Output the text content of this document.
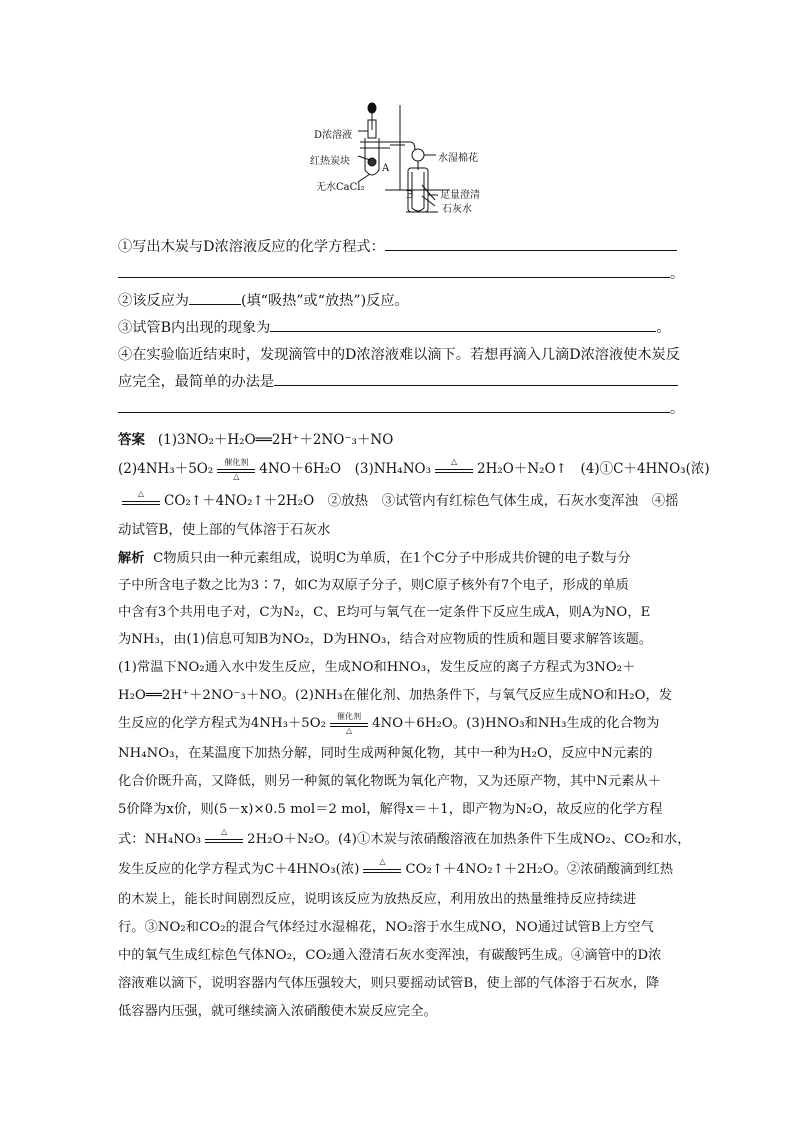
D浓溶液
红热炭块
A
无水CaCl₂
水湿棉花
B	足量澄清
石灰水
①写出木炭与D浓溶液反应的化学方程式：
。
②该反应为	(填“吸热”或“放热”)反应。
③试管B内出现的现象为	。
④在实验临近结束时，发现滴管中的D浓溶液难以滴下。若想再滴入几滴D浓溶液使木炭反
应完全，最简单的办法是
。
答案 (1)3NO₂＋H₂O══2H⁺＋2NO⁻₃＋NO
(2)4NH₃＋5O₂	催化剂
△	4NO＋6H₂O　(3)NH₄NO₃	△	2H₂O＋N₂O↑　(4)①C＋4HNO₃(浓)
△	CO₂↑＋4NO₂↑＋2H₂O　②放热　③试管内有红棕色气体生成，石灰水变浑浊　④摇
动试管B，使上部的气体溶于石灰水
解析 C物质只由一种元素组成，说明C为单质，在1个C分子中形成共价键的电子数与分
子中所含电子数之比为3∶7，如C为双原子分子，则C原子核外有7个电子，形成的单质
中含有3个共用电子对，C为N₂，C、E均可与氧气在一定条件下反应生成A，则A为NO，E
为NH₃，由(1)信息可知B为NO₂，D为HNO₃，结合对应物质的性质和题目要求解答该题。
(1)常温下NO₂通入水中发生反应，生成NO和HNO₃，发生反应的离子方程式为3NO₂＋
H₂O══2H⁺＋2NO⁻₃＋NO。(2)NH₃在催化剂、加热条件下，与氧气反应生成NO和H₂O，发
生反应的化学方程式为4NH₃＋5O₂	催化剂
△	4NO＋6H₂O。(3)HNO₃和NH₃生成的化合物为
NH₄NO₃，在某温度下加热分解，同时生成两种氮化物，其中一种为H₂O，反应中N元素的
化合价既升高，又降低，则另一种氮的氧化物既为氧化产物，又为还原产物，其中N元素从＋
5价降为x价，则(5－x)×0.5 mol＝2 mol，解得x＝＋1，即产物为N₂O，故反应的化学方程
式：NH₄NO₃
△
2H₂O＋N₂O。(4)①木炭与浓硝酸溶液在加热条件下生成NO₂、CO₂和水，
发生反应的化学方程式为C＋4HNO₃(浓)
△
CO₂↑＋4NO₂↑＋2H₂O。②浓硝酸滴到红热
的木炭上，能长时间剧烈反应，说明该反应为放热反应，利用放出的热量维持反应持续进
行。③NO₂和CO₂的混合气体经过水湿棉花，NO₂溶于水生成NO，NO通过试管B上方空气
中的氧气生成红棕色气体NO₂，CO₂通入澄清石灰水变浑浊，有碳酸钙生成。④滴管中的D浓
溶液难以滴下，说明容器内气体压强较大，则只要摇动试管B，使上部的气体溶于石灰水，降
低容器内压强，就可继续滴入浓硝酸使木炭反应完全。
